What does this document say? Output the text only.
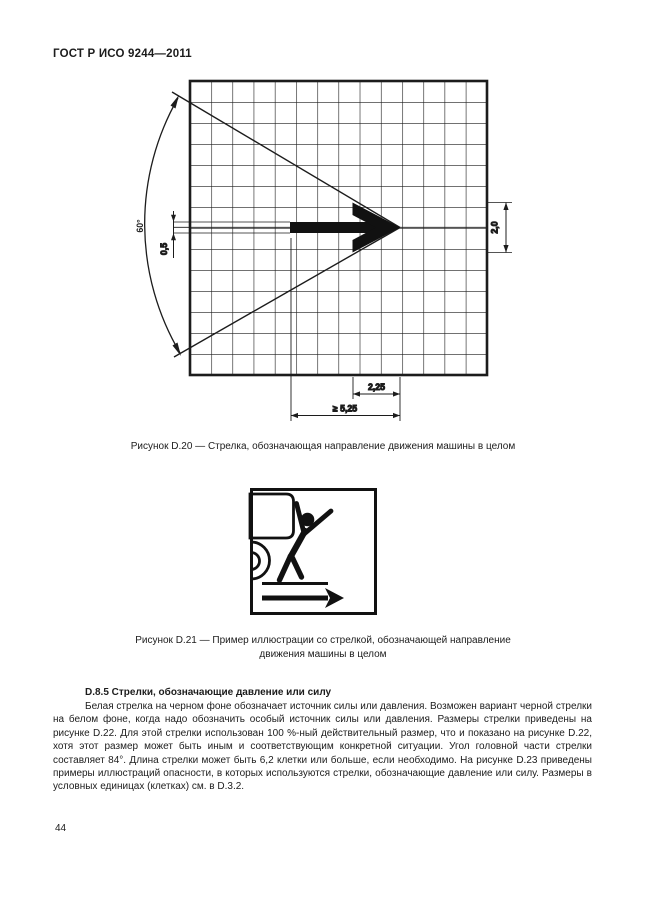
ГОСТ Р ИСО 9244—2011
0,5
2,0
2,25
≥ 5,25
60°
Рисунок D.20 — Стрелка, обозначающая направление движения машины в целом
Рисунок D.21 — Пример иллюстрации со стрелкой, обозначающей направление движения машины в целом
D.8.5 Стрелки, обозначающие давление или силу
Белая стрелка на черном фоне обозначает источник силы или давления. Возможен вариант черной стрелки на белом фоне, когда надо обозначить особый источник силы или давления. Размеры стрелки приведены на рисунке D.22. Для этой стрелки использован 100 %-ный действительный размер, что и показано на рисунке D.22, хотя этот размер может быть иным и соответствующим конкретной ситуации. Угол головной части стрелки составляет 84°. Длина стрелки может быть 6,2 клетки или больше, если необходимо. На рисунке D.23 приведены примеры иллюстраций опасности, в которых используются стрелки, обозначающие давление или силу. Размеры в условных единицах (клетках) см. в D.3.2.
44
